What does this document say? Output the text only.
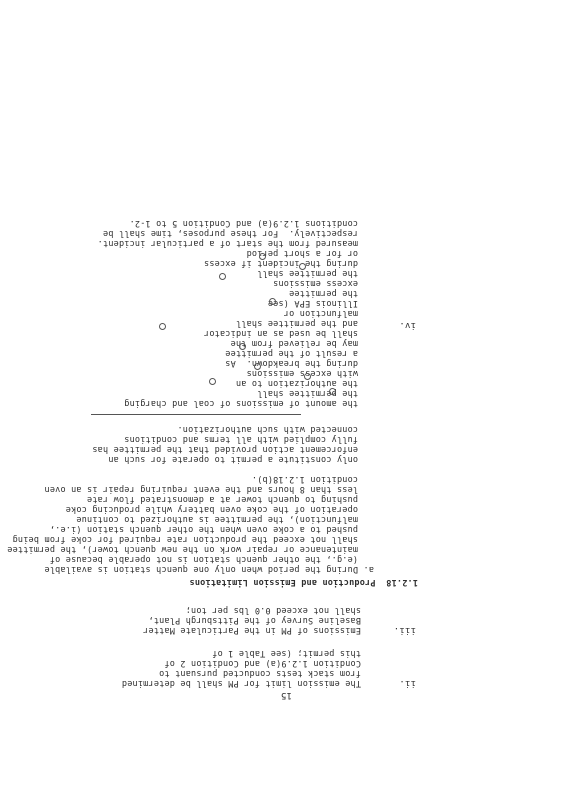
15
ii.
The emission limit for PM shall be determined
from stack tests conducted pursuant to
Condition 1.2.9(a) and Condition 2 of
this permit; (see Table 1 of
iii.
Emissions of PM in the Particulate Matter
Baseline Survey of the Pittsburgh Plant,
shall not exceed 0.0 lbs per ton;
1.2.18  Production and Emission Limitations
a. During the period when only one quench station is available
(e.g., the other quench station is not operable because of
maintenance or repair work on the new quench tower), the permittee
shall not exceed the production rate required for coke from being
pushed to a coke oven when the other quench station (i.e.,
malfunction), the permittee is authorized to continue
operation of the coke oven battery while producing coke
pushing to quench tower at a demonstrated flow rate
less than 8 hours and the event requiring repair is an oven
condition 1.2.18(b).
only constitute a permit to operate for such an
enforcement action provided that the permittee has
fully complied with all terms and conditions
connected with such authorization.
iv.
the amount of emissions of coal and charging
the permittee shall
the authorization to an
with excess emissions
during the breakdown.  As
a result of the permittee
may be relieved from the
shall be used as an indicator
and the permittee shall
malfunction or
Illinois EPA (see
the permittee
excess emissions
the permittee shall
during the incident if excess
or for a short period
measured from the start of a particular incident.
respectively.  For these purposes, time shall be
conditions 1.2.9(a) and Condition 5 to 1-2.
